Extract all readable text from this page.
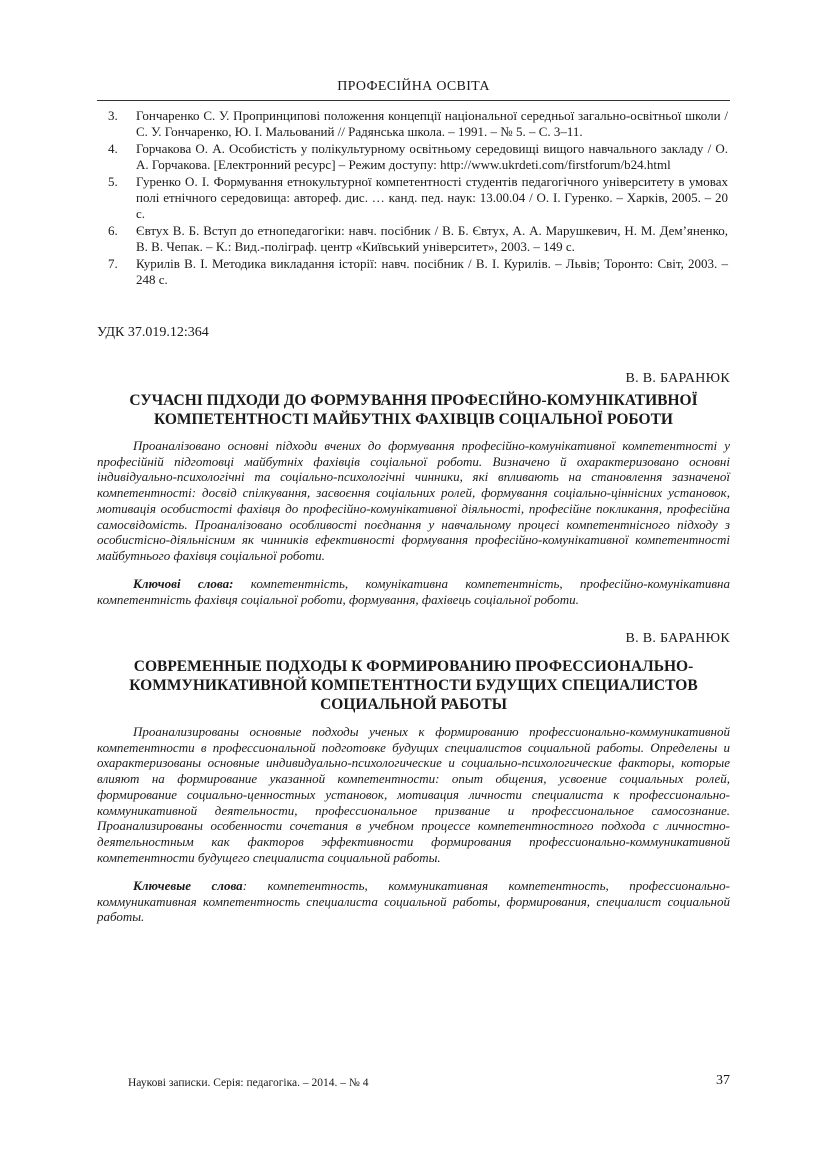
ПРОФЕСІЙНА ОСВІТА
3.	Гончаренко С. У. Пропринципові положення концепції національної середньої загально-освітньої школи / С. У. Гончаренко, Ю. І. Мальований // Радянська школа. – 1991. – № 5. – С. 3–11.
4.	Горчакова О. А. Особистість у полікультурному освітньому середовищі вищого навчального закладу / О. А. Горчакова. [Електронний ресурс] – Режим доступу: http://www.ukrdeti.com/firstforum/b24.html
5.	Гуренко О. І. Формування етнокультурної компетентності студентів педагогічного університету в умовах полі етнічного середовища: автореф. дис. … канд. пед. наук: 13.00.04 / О. І. Гуренко. – Харків, 2005. – 20 с.
6.	Євтух В. Б. Вступ до етнопедагогіки: навч. посібник / В. Б. Євтух, А. А. Марушкевич, Н. М. Дем’яненко, В. В. Чепак. – К.: Вид.-поліграф. центр «Київський університет», 2003. – 149 с.
7.	Курилів В. І. Методика викладання історії: навч. посібник / В. І. Курилів. – Львів; Торонто: Світ, 2003. – 248 с.
УДК 37.019.12:364
В. В. БАРАНЮК
СУЧАСНІ ПІДХОДИ ДО ФОРМУВАННЯ ПРОФЕСІЙНО-КОМУНІКАТИВНОЇ КОМПЕТЕНТНОСТІ МАЙБУТНІХ ФАХІВЦІВ СОЦІАЛЬНОЇ РОБОТИ

Проаналізовано основні підходи вчених до формування професійно-комунікативної компетентності у професійній підготовці майбутніх фахівців соціальної роботи. Визначено й охарактеризовано основні індивідуально-психологічні та соціально-психологічні чинники, які впливають на становлення зазначеної компетентності: досвід спілкування, засвоєння соціальних ролей, формування соціально-ціннісних установок, мотивація особистості фахівця до професійно-комунікативної діяльності, професійне покликання, професійна самосвідомість. Проаналізовано особливості поєднання у навчальному процесі компетентнісного підходу з особистісно-діяльнісним як чинників ефективності формування професійно-комунікативної компетентності майбутнього фахівця соціальної роботи.

Ключові слова: компетентність, комунікативна компетентність, професійно-комунікативна компетентність фахівця соціальної роботи, формування, фахівець соціальної роботи.

В. В. БАРАНЮК
СОВРЕМЕННЫЕ ПОДХОДЫ К ФОРМИРОВАНИЮ ПРОФЕССИОНАЛЬНО-КОММУНИКАТИВНОЙ КОМПЕТЕНТНОСТИ БУДУЩИХ СПЕЦИАЛИСТОВ СОЦИАЛЬНОЙ РАБОТЫ

Проанализированы основные подходы ученых к формированию профессионально-коммуникативной компетентности в профессиональной подготовке будущих специалистов социальной работы. Определены и охарактеризованы основные индивидуально-психологические и социально-психологические факторы, которые влияют на формирование указанной компетентности: опыт общения, усвоение социальных ролей, формирование социально-ценностных установок, мотивация личности специалиста к профессионально-коммуникативной деятельности, профессиональное призвание и профессиональное самосознание. Проанализированы особенности сочетания в учебном процессе компетентностного подхода с личностно-деятельностным как факторов эффективности формирования профессионально-коммуникативной компетентности будущего специалиста социальной работы.

Ключевые слова: компетентность, коммуникативная компетентность, профессионально-коммуникативная компетентность специалиста социальной работы, формирования, специалист социальной работы.

Наукові записки. Серія: педагогіка. – 2014. – № 4	37
